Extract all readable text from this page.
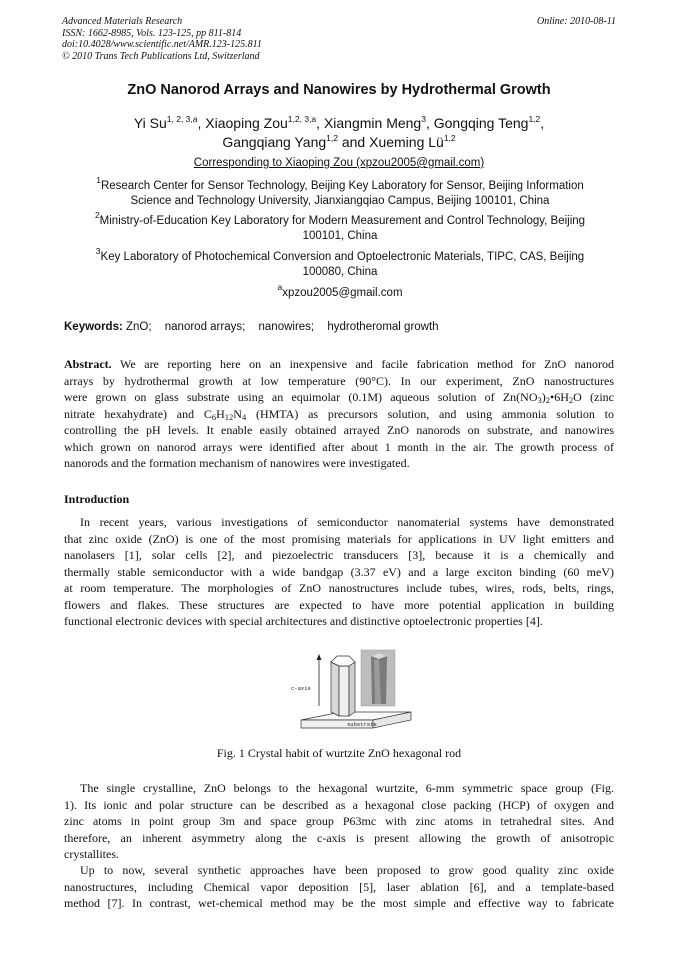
Advanced Materials Research
ISSN: 1662-8985, Vols. 123-125, pp 811-814
doi:10.4028/www.scientific.net/AMR.123-125.811
© 2010 Trans Tech Publications Ltd, Switzerland
Online: 2010-08-11
ZnO Nanorod Arrays and Nanowires by Hydrothermal Growth
Yi Su$^{1, 2, 3,a}$, Xiaoping Zou$^{1,2, 3,a}$, Xiangmin Meng$^3$, Gongqing Teng$^{1,2}$,
Gangqiang Yang$^{1,2}$ and Xueming Lü$^{1,2}$
Corresponding to Xiaoping Zou (xpzou2005@gmail.com)
$^1$Research Center for Sensor Technology, Beijing Key Laboratory for Sensor, Beijing Information
Science and Technology University, Jianxiangqiao Campus, Beijing 100101, China
$^2$Ministry-of-Education Key Laboratory for Modern Measurement and Control Technology, Beijing
100101, China
$^3$Key Laboratory of Photochemical Conversion and Optoelectronic Materials, TIPC, CAS, Beijing
100080, China
$^a$xpzou2005@gmail.com
Keywords: ZnO; nanorod arrays; nanowires; hydrotheromal growth
Abstract. We are reporting here on an inexpensive and facile fabrication method for ZnO nanorod
arrays by hydrothermal growth at low temperature (90°C). In our experiment, ZnO nanostructures
were grown on glass substrate using an equimolar (0.1M) aqueous solution of $Zn(NO_3)_2•6H_2O$ (zinc
nitrate hexahydrate) and $C_6H_{12}N_4$ (HMTA) as precursors solution, and using ammonia solution to
controlling the pH levels. It enable easily obtained arrayed ZnO nanorods on substrate, and nanowires
which grown on nanorod arrays were identified after about 1 month in the air. The growth process of
nanorods and the formation mechanism of nanowires were investigated.
Introduction
In recent years, various investigations of semiconductor nanomaterial systems have demonstrated
that zinc oxide (ZnO) is one of the most promising materials for applications in UV light emitters and
nanolasers [1], solar cells [2], and piezoelectric transducers [3], because it is a chemically and
thermally stable semiconductor with a wide bandgap (3.37 eV) and a large exciton binding (60 meV)
at room temperature. The morphologies of ZnO nanostructures include tubes, wires, rods, belts, rings,
flowers and flakes. These structures are expected to have more potential application in building
functional electronic devices with special architectures and distinctive optoelectronic properties [4].
substrate
c-axis
Fig. 1 Crystal habit of wurtzite ZnO hexagonal rod
The single crystalline, ZnO belongs to the hexagonal wurtzite, 6-mm symmetric space group (Fig.
1). Its ionic and polar structure can be described as a hexagonal close packing (HCP) of oxygen and
zinc atoms in point group 3m and space group P63mc with zinc atoms in tetrahedral sites. And
therefore, an inherent asymmetry along the c-axis is present allowing the growth of anisotropic
crystallites.
Up to now, several synthetic approaches have been proposed to grow good quality zinc oxide
nanostructures, including Chemical vapor deposition [5], laser ablation [6], and a template-based
method [7]. In contrast, wet-chemical method may be the most simple and effective way to fabricate
